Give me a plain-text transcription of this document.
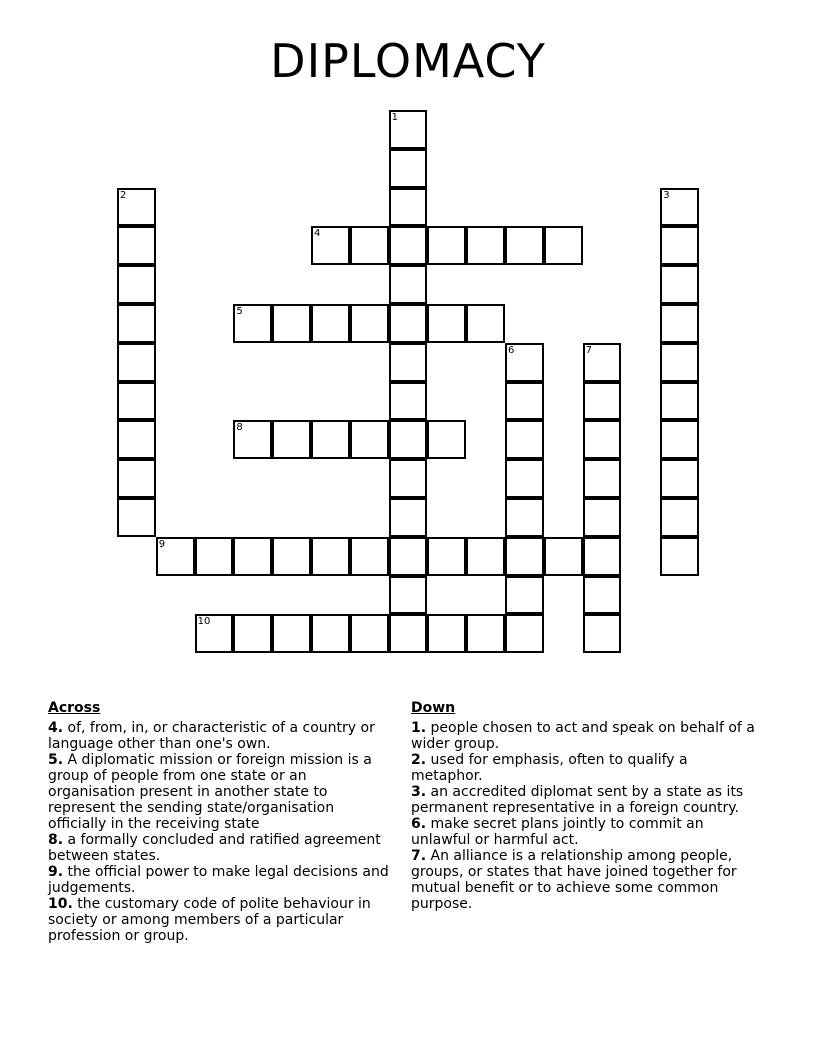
DIPLOMACY
1
2	3
4
5
6	7
8
9
10
Across
4. of, from, in, or characteristic of a country or language other than one's own.
5. A diplomatic mission or foreign mission is a group of people from one state or an organisation present in another state to represent the sending state/organisation officially in the receiving state
8. a formally concluded and ratified agreement between states.
9. the official power to make legal decisions and judgements.
10. the customary code of polite behaviour in society or among members of a particular profession or group.
Down
1. people chosen to act and speak on behalf of a wider group.
2. used for emphasis, often to qualify a metaphor.
3. an accredited diplomat sent by a state as its permanent representative in a foreign country.
6. make secret plans jointly to commit an unlawful or harmful act.
7. An alliance is a relationship among people, groups, or states that have joined together for mutual benefit or to achieve some common purpose.
